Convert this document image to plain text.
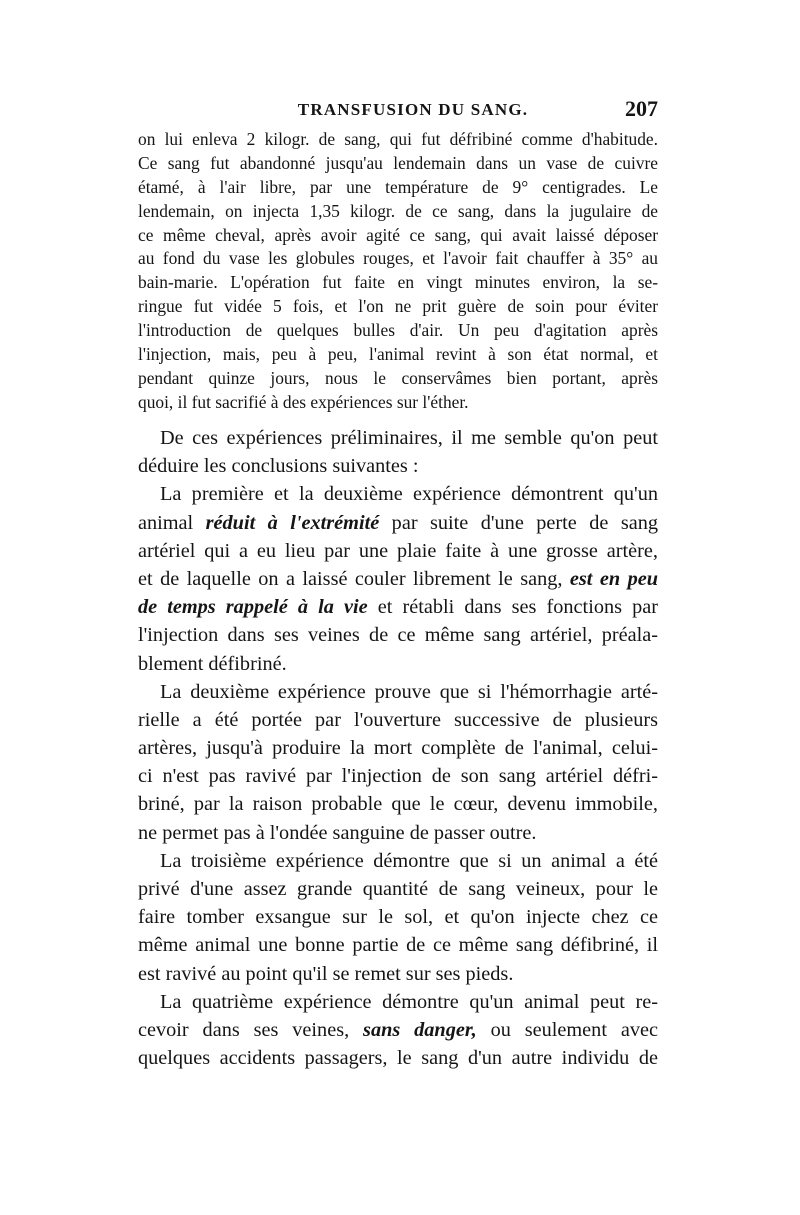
TRANSFUSION DU SANG.	207
on lui enleva 2 kilogr. de sang, qui fut défribiné comme d'habitude.
Ce sang fut abandonné jusqu'au lendemain dans un vase de cuivre
étamé, à l'air libre, par une température de 9° centigrades. Le
lendemain, on injecta 1,35 kilogr. de ce sang, dans la jugulaire de
ce même cheval, après avoir agité ce sang, qui avait laissé déposer
au fond du vase les globules rouges, et l'avoir fait chauffer à 35° au
bain-marie. L'opération fut faite en vingt minutes environ, la se-
ringue fut vidée 5 fois, et l'on ne prit guère de soin pour éviter
l'introduction de quelques bulles d'air. Un peu d'agitation après
l'injection, mais, peu à peu, l'animal revint à son état normal, et
pendant quinze jours, nous le conservâmes bien portant, après
quoi, il fut sacrifié à des expériences sur l'éther.
De ces expériences préliminaires, il me semble qu'on peut
déduire les conclusions suivantes :
La première et la deuxième expérience démontrent qu'un
animal réduit à l'extrémité par suite d'une perte de sang
artériel qui a eu lieu par une plaie faite à une grosse artère,
et de laquelle on a laissé couler librement le sang, est en peu
de temps rappelé à la vie et rétabli dans ses fonctions par
l'injection dans ses veines de ce même sang artériel, préala-
blement défibriné.
La deuxième expérience prouve que si l'hémorrhagie arté-
rielle a été portée par l'ouverture successive de plusieurs
artères, jusqu'à produire la mort complète de l'animal, celui-
ci n'est pas ravivé par l'injection de son sang artériel défri-
briné, par la raison probable que le cœur, devenu immobile,
ne permet pas à l'ondée sanguine de passer outre.
La troisième expérience démontre que si un animal a été
privé d'une assez grande quantité de sang veineux, pour le
faire tomber exsangue sur le sol, et qu'on injecte chez ce
même animal une bonne partie de ce même sang défibriné, il
est ravivé au point qu'il se remet sur ses pieds.
La quatrième expérience démontre qu'un animal peut re-
cevoir dans ses veines, sans danger, ou seulement avec
quelques accidents passagers, le sang d'un autre individu de
